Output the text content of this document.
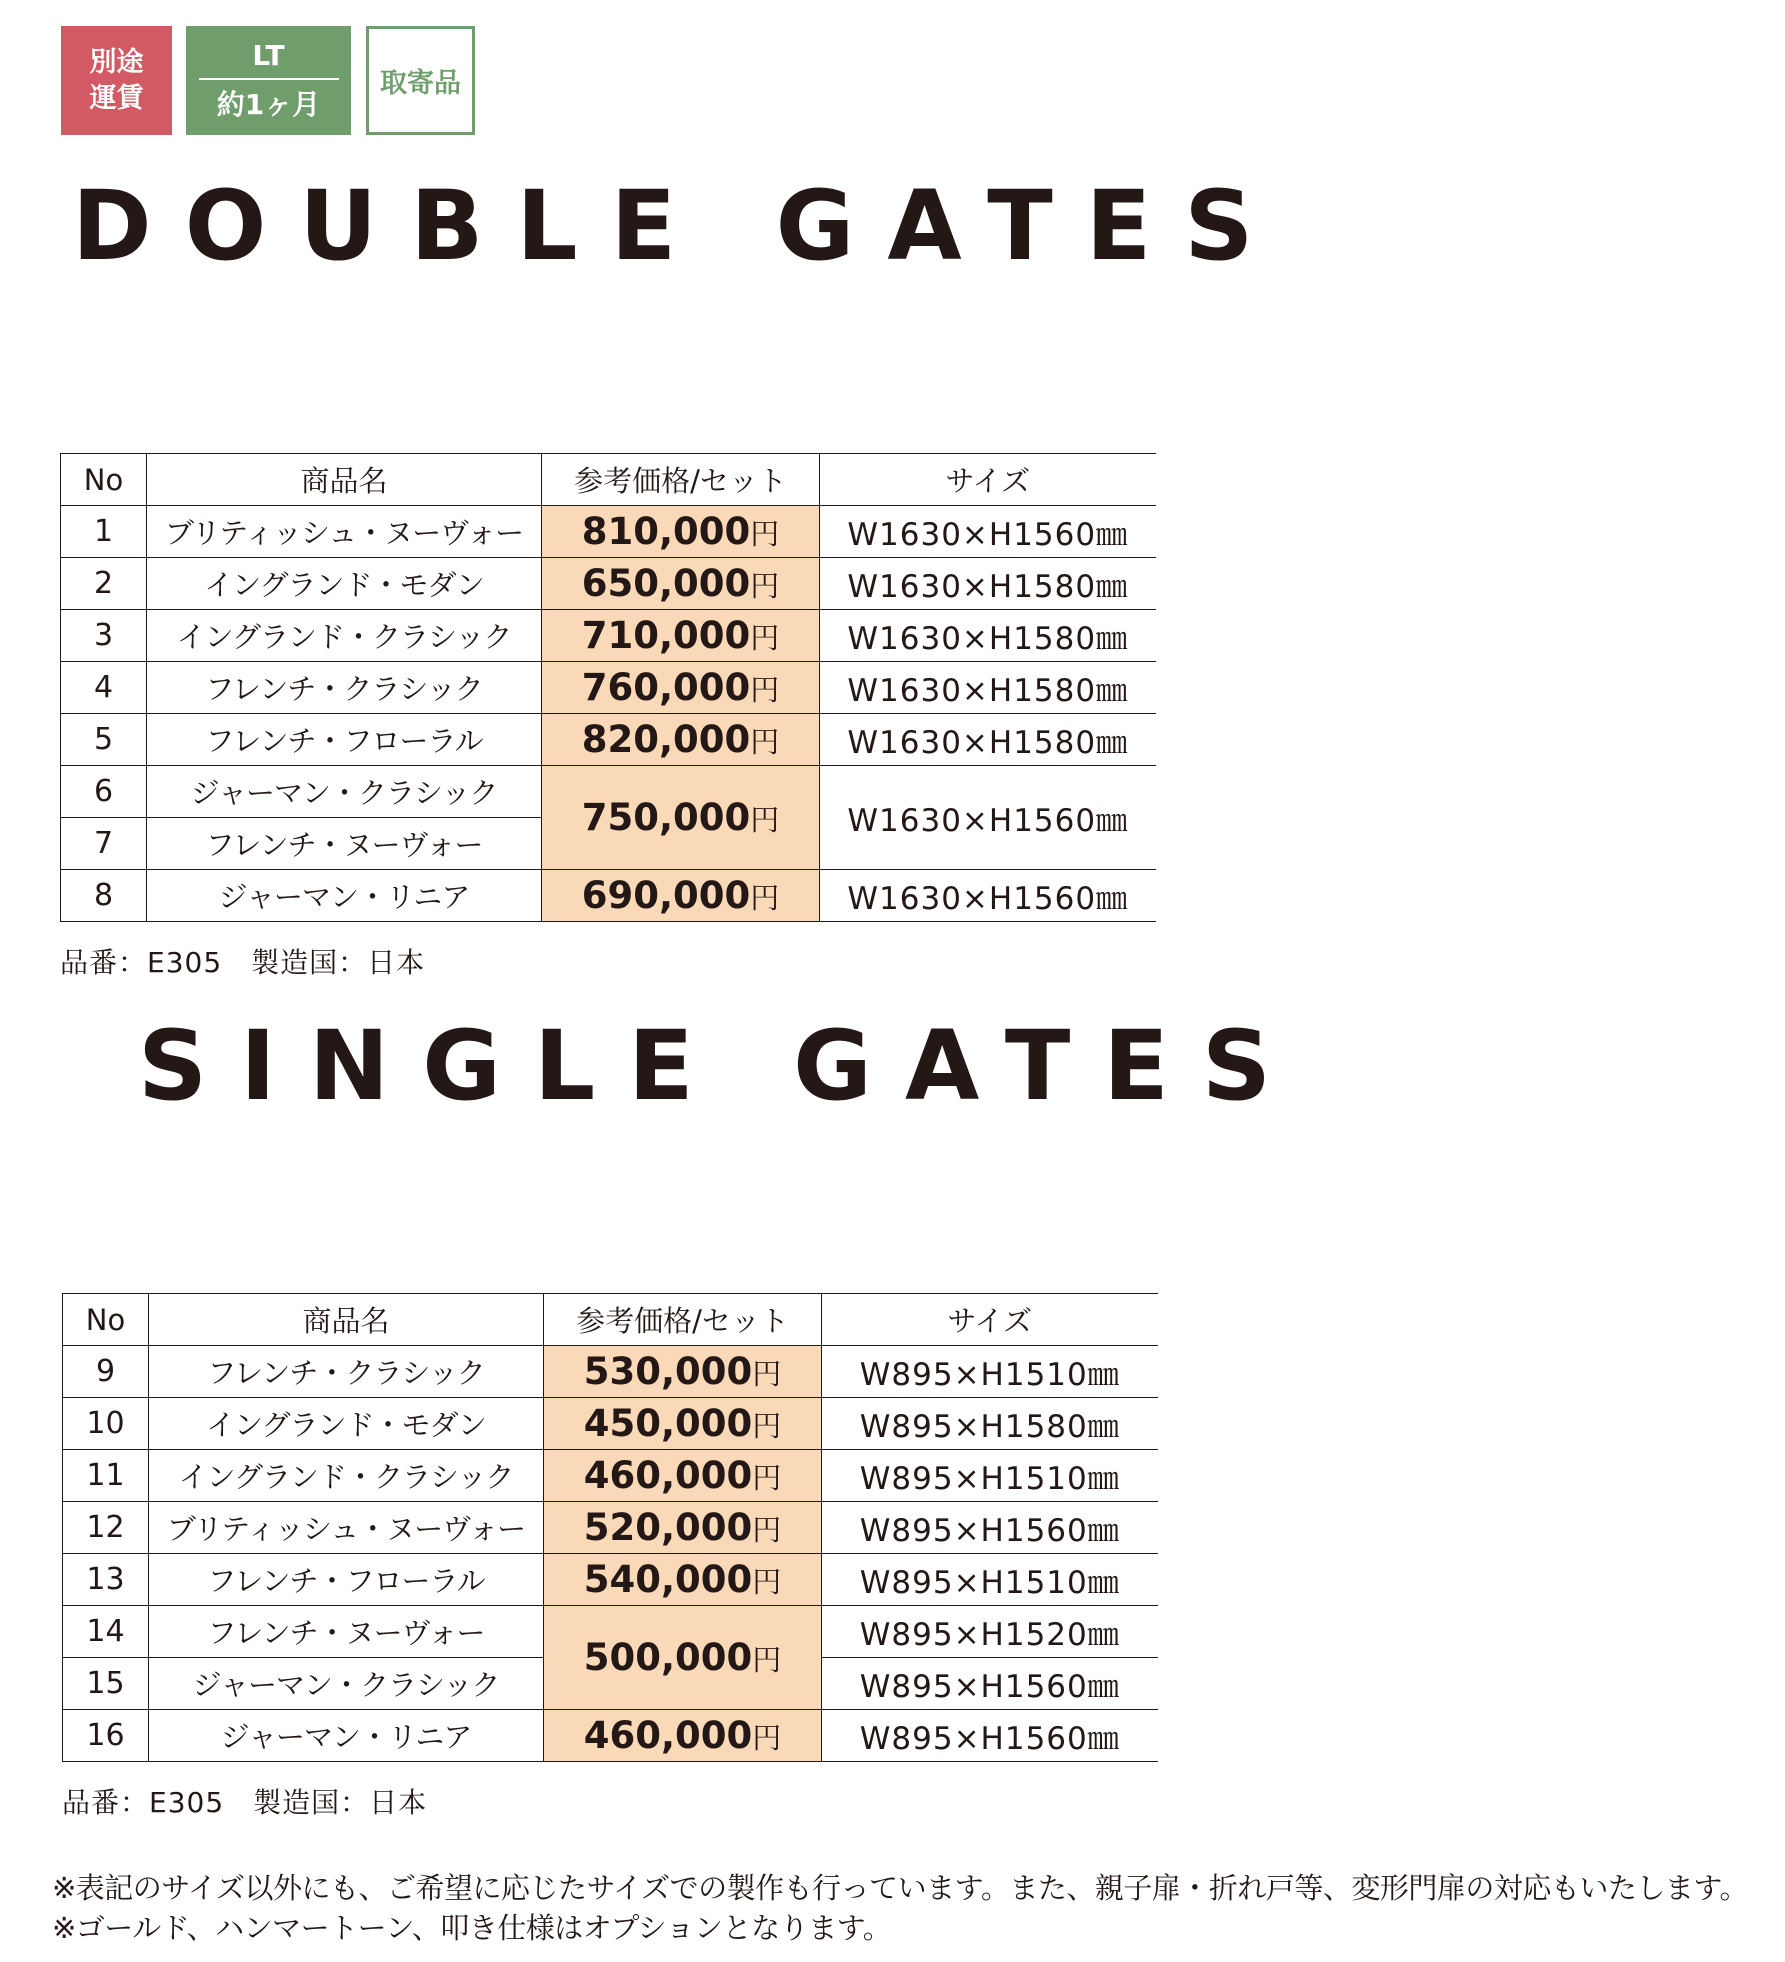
別途
運賃
LT
約1ヶ月
取寄品
DOUBLE GATES
No	商品名	参考価格/セット	サイズ
1	ブリティッシュ・ヌーヴォー	810,000円	W1630×H1560㎜
2	イングランド・モダン	650,000円	W1630×H1580㎜
3	イングランド・クラシック	710,000円	W1630×H1580㎜
4	フレンチ・クラシック	760,000円	W1630×H1580㎜
5	フレンチ・フローラル	820,000円	W1630×H1580㎜
6	ジャーマン・クラシック	750,000円	W1630×H1560㎜
7	フレンチ・ヌーヴォー		
8	ジャーマン・リニア	690,000円	W1630×H1560㎜
品番：E305　製造国：日本
SINGLE GATES
No	商品名	参考価格/セット	サイズ
9	フレンチ・クラシック	530,000円	W895×H1510㎜
10	イングランド・モダン	450,000円	W895×H1580㎜
11	イングランド・クラシック	460,000円	W895×H1510㎜
12	ブリティッシュ・ヌーヴォー	520,000円	W895×H1560㎜
13	フレンチ・フローラル	540,000円	W895×H1510㎜
14	フレンチ・ヌーヴォー	500,000円	W895×H1520㎜
15	ジャーマン・クラシック		W895×H1560㎜
16	ジャーマン・リニア	460,000円	W895×H1560㎜
品番：E305　製造国：日本
※表記のサイズ以外にも、ご希望に応じたサイズでの製作も行っています。また、親子扉・折れ戸等、変形門扉の対応もいたします。
※ゴールド、ハンマートーン、叩き仕様はオプションとなります。
